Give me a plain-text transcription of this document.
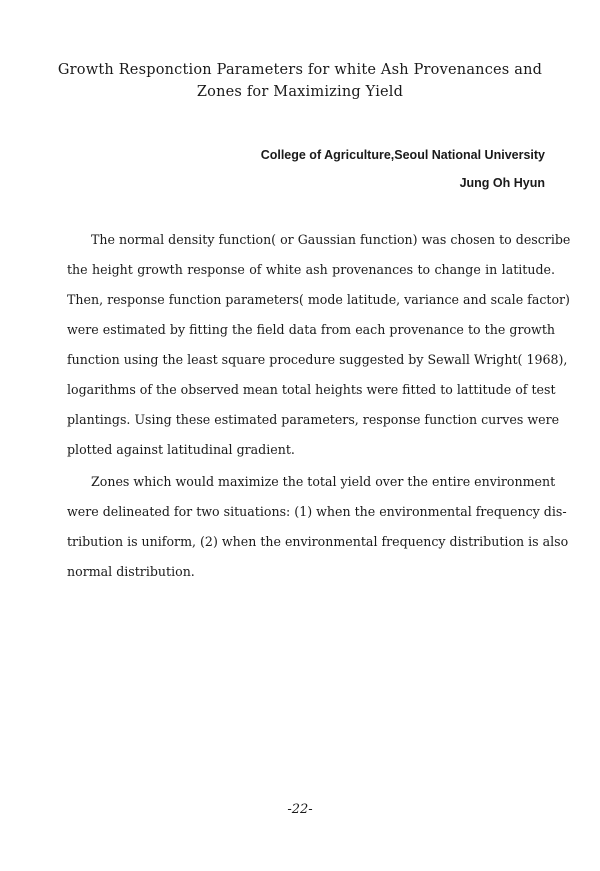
Growth Responction Parameters for white Ash Provenances and
Zones for Maximizing Yield
College of Agriculture,Seoul National University
Jung Oh Hyun
The normal density function( or Gaussian function) was chosen to describe
the height growth response of white ash provenances to change in latitude.
Then, response function parameters( mode latitude, variance and scale factor)
were estimated by fitting the field data from each provenance to the growth
function using the least square procedure suggested by Sewall Wright( 1968),
logarithms of the observed mean total heights were fitted to lattitude of test
plantings. Using these estimated parameters, response function curves were
plotted against latitudinal gradient.
Zones which would maximize the total yield over the entire environment
were delineated for two situations: (1) when the environmental frequency dis-
tribution is uniform, (2) when the environmental frequency distribution is also
normal distribution.
-22-
